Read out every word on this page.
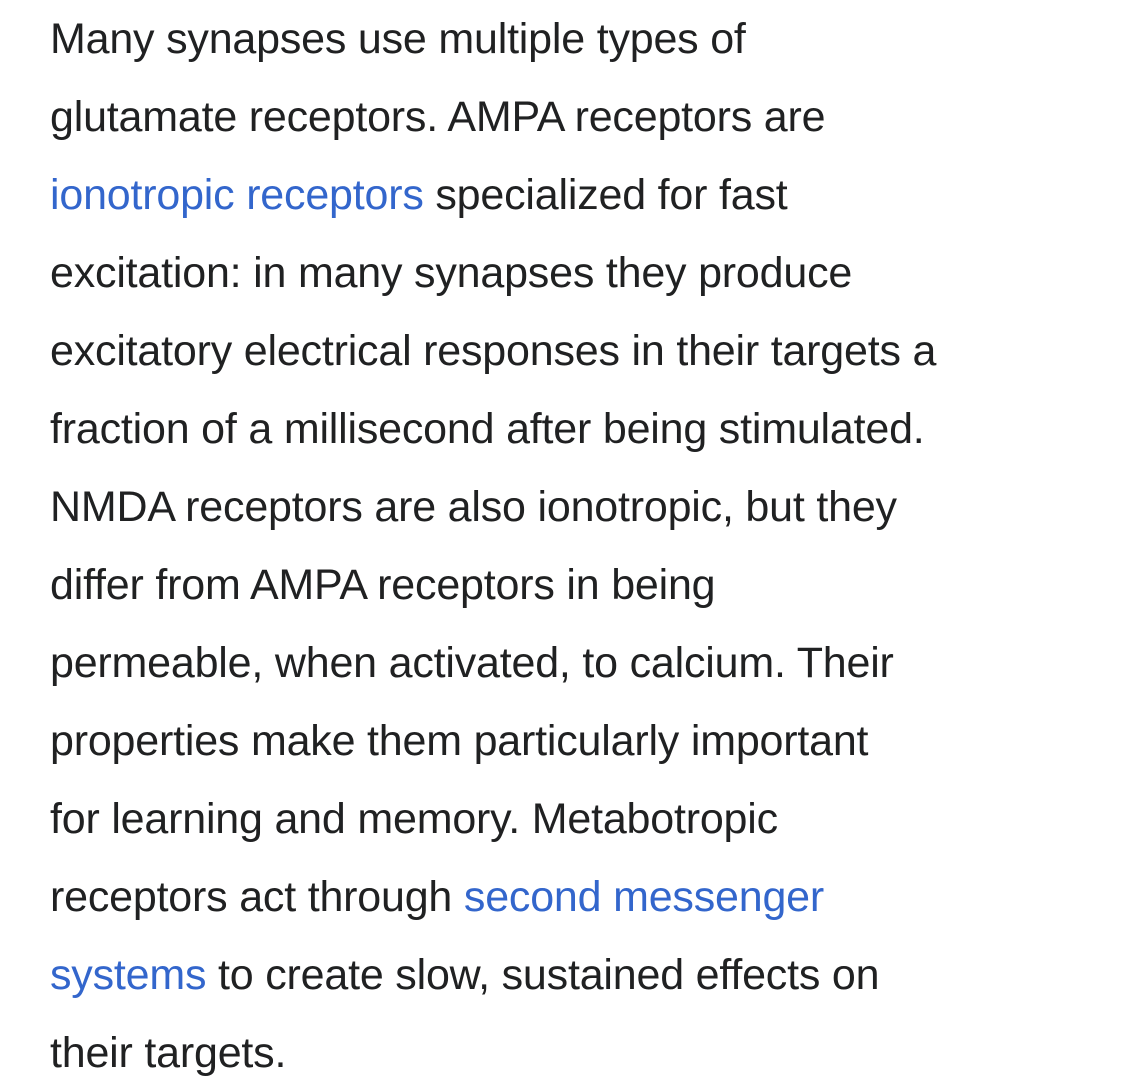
Many synapses use multiple types of
glutamate receptors. AMPA receptors are
ionotropic receptors specialized for fast
excitation: in many synapses they produce
excitatory electrical responses in their targets a
fraction of a millisecond after being stimulated.
NMDA receptors are also ionotropic, but they
differ from AMPA receptors in being
permeable, when activated, to calcium. Their
properties make them particularly important
for learning and memory. Metabotropic
receptors act through second messenger
systems to create slow, sustained effects on
their targets.
